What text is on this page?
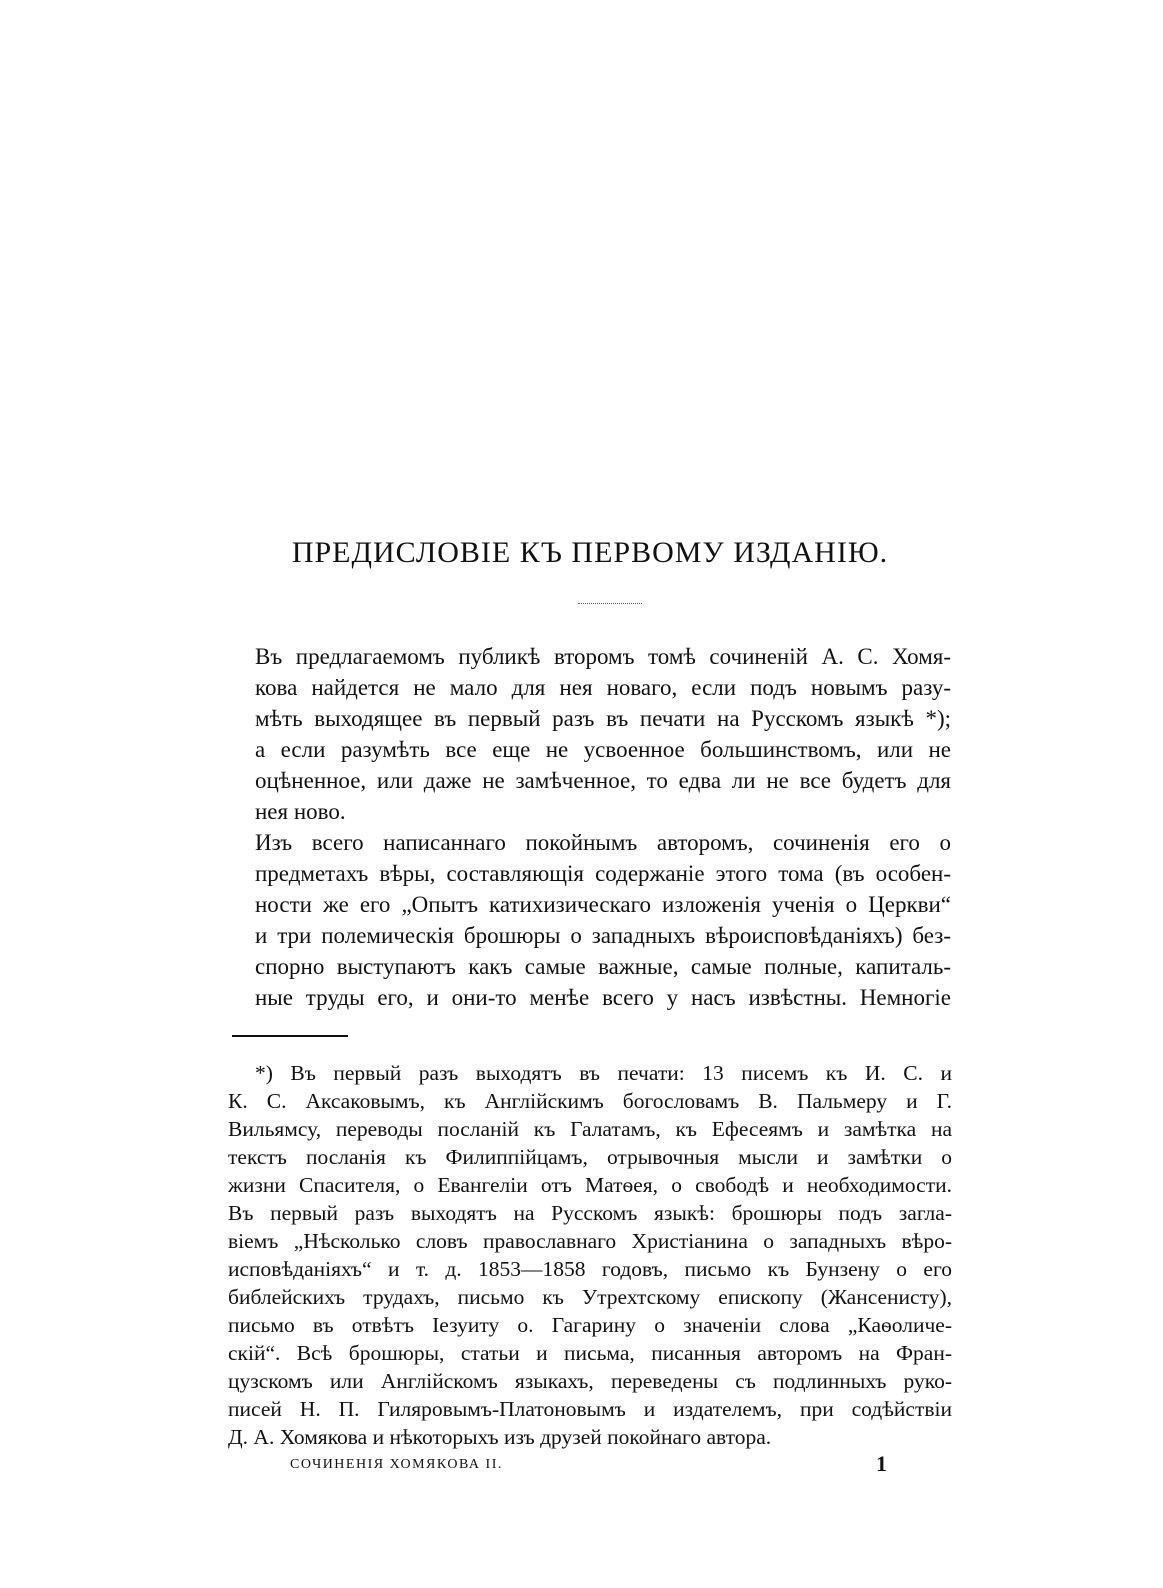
ПРЕДИСЛОВІЕ КЪ ПЕРВОМУ ИЗДАНІЮ.
Въ предлагаемомъ публикѣ второмъ томѣ сочиненій А. С. Хомя-
кова найдется не мало для нея новаго, если подъ новымъ разу-
мѣть выходящее въ первый разъ въ печати на Русскомъ языкѣ *);
а если разумѣть все еще не усвоенное большинствомъ, или не
оцѣненное, или даже не замѣченное, то едва ли не все будетъ для
нея ново.
Изъ всего написаннаго покойнымъ авторомъ, сочиненія его о
предметахъ вѣры, составляющія содержаніе этого тома (въ особен-
ности же его „Опытъ катихизическаго изложенія ученія о Церкви“
и три полемическія брошюры о западныхъ вѣроисповѣданіяхъ) без-
спорно выступаютъ какъ самые важные, самые полные, капиталь-
ные труды его, и они-то менѣе всего у насъ извѣстны. Немногіе
*) Въ первый разъ выходятъ въ печати: 13 писемъ къ И. С. и
К. С. Аксаковымъ, къ Англійскимъ богословамъ В. Пальмеру и Г.
Вильямсу, переводы посланій къ Галатамъ, къ Ефесеямъ и замѣтка на
текстъ посланія къ Филиппійцамъ, отрывочныя мысли и замѣтки о
жизни Спасителя, о Евангеліи отъ Матѳея, о свободѣ и необходимости.
Въ первый разъ выходятъ на Русскомъ языкѣ: брошюры подъ загла-
віемъ „Нѣсколько словъ православнаго Христіанина о западныхъ вѣро-
исповѣданіяхъ“ и т. д. 1853—1858 годовъ, письмо къ Бунзену о его
библейскихъ трудахъ, письмо къ Утрехтскому епископу (Жансенисту),
письмо въ отвѣтъ Іезуиту о. Гагарину о значеніи слова „Каѳоличе-
скій“. Всѣ брошюры, статьи и письма, писанныя авторомъ на Фран-
цузскомъ или Англійскомъ языкахъ, переведены съ подлинныхъ руко-
писей Н. П. Гиляровымъ-Платоновымъ и издателемъ, при содѣйствіи
СОЧИНЕНІЯ ХОМЯКОВА II.	1
Д. А. Хомякова и нѣкоторыхъ изъ друзей покойнаго автора.
